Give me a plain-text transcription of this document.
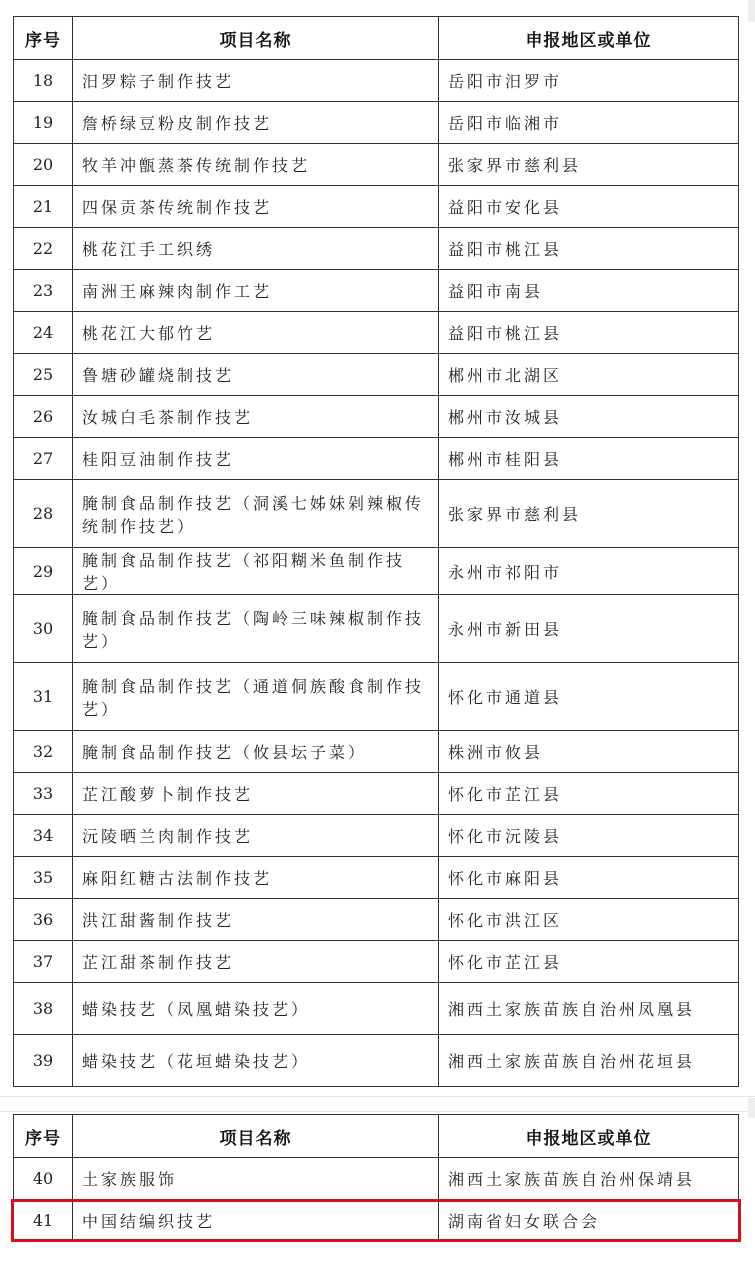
序号	项目名称	申报地区或单位
18	汨罗粽子制作技艺	岳阳市汨罗市
19	詹桥绿豆粉皮制作技艺	岳阳市临湘市
20	牧羊冲甑蒸茶传统制作技艺	张家界市慈利县
21	四保贡茶传统制作技艺	益阳市安化县
22	桃花江手工织绣	益阳市桃江县
23	南洲王麻辣肉制作工艺	益阳市南县
24	桃花江大郁竹艺	益阳市桃江县
25	鲁塘砂罐烧制技艺	郴州市北湖区
26	汝城白毛茶制作技艺	郴州市汝城县
27	桂阳豆油制作技艺	郴州市桂阳县
28	腌制食品制作技艺（洞溪七姊妹剁辣椒传统制作技艺）	张家界市慈利县
29	腌制食品制作技艺（祁阳糊米鱼制作技艺）	永州市祁阳市
30	腌制食品制作技艺（陶岭三味辣椒制作技艺）	永州市新田县
31	腌制食品制作技艺（通道侗族酸食制作技艺）	怀化市通道县
32	腌制食品制作技艺（攸县坛子菜）	株洲市攸县
33	芷江酸萝卜制作技艺	怀化市芷江县
34	沅陵晒兰肉制作技艺	怀化市沅陵县
35	麻阳红糖古法制作技艺	怀化市麻阳县
36	洪江甜酱制作技艺	怀化市洪江区
37	芷江甜茶制作技艺	怀化市芷江县
38	蜡染技艺（凤凰蜡染技艺）	湘西土家族苗族自治州凤凰县
39	蜡染技艺（花垣蜡染技艺）	湘西土家族苗族自治州花垣县
序号	项目名称	申报地区或单位
40	土家族服饰	湘西土家族苗族自治州保靖县
41	中国结编织技艺	湖南省妇女联合会
